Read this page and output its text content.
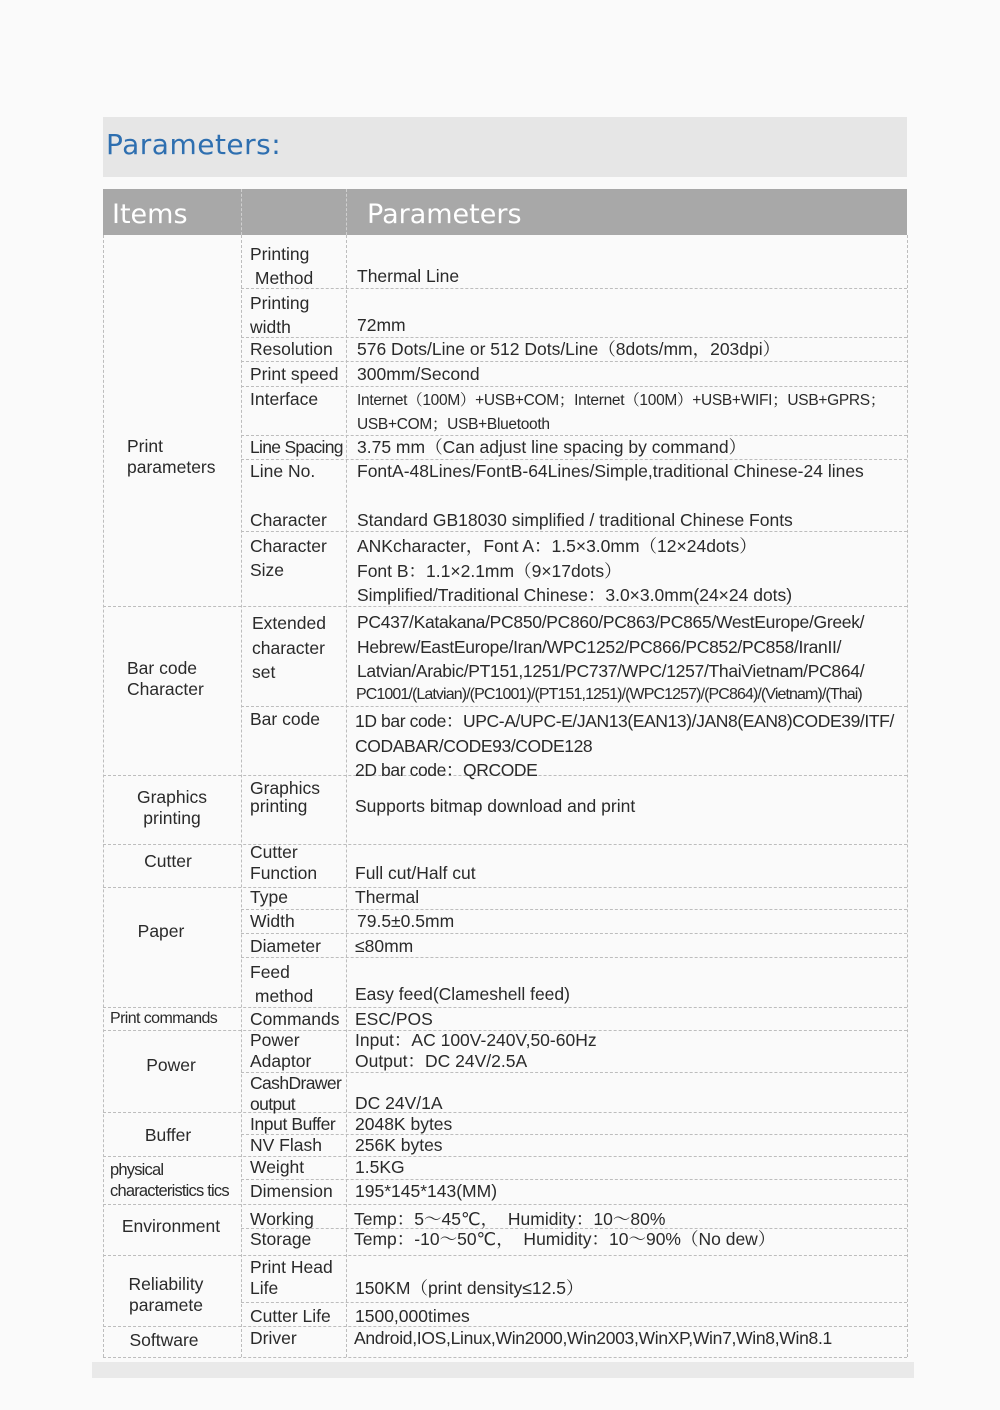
Parameters:
Items	Parameters
Print
parameters
Bar code
Character
Graphics
printing
Cutter
Paper
Print commands
Power
Buffer
physical
characteristics tics
Environment
Reliability
paramete
Software
Printing
Method
Printing
width
Resolution
Print speed
Interface
Line Spacing
Line No.
Character
Character
Size
Extended
character
set
Bar code
Graphics
printing
Cutter
Function
Type
Width
Diameter
Feed
method
Commands
Power
Adaptor
CashDrawer
output
Input Buffer
NV Flash
Weight
Dimension
Working
Storage
Print Head
Life
Cutter Life
Driver
Thermal Line
72mm
576 Dots/Line or 512 Dots/Line（8dots/mm，203dpi）
300mm/Second
Internet（100M）+USB+COM；Internet（100M）+USB+WIFI；USB+GPRS；
USB+COM；USB+Bluetooth
3.75 mm（Can adjust line spacing by command）
FontA-48Lines/FontB-64Lines/Simple,traditional Chinese-24 lines
Standard GB18030 simplified / traditional Chinese Fonts
ANKcharacter，Font A：1.5×3.0mm（12×24dots）
Font B：1.1×2.1mm（9×17dots）
Simplified/Traditional Chinese：3.0×3.0mm(24×24 dots)
PC437/Katakana/PC850/PC860/PC863/PC865/WestEurope/Greek/
Hebrew/EastEurope/Iran/WPC1252/PC866/PC852/PC858/IranII/
Latvian/Arabic/PT151,1251/PC737/WPC/1257/ThaiVietnam/PC864/
PC1001/(Latvian)/(PC1001)/(PT151,1251)/(WPC1257)/(PC864)/(Vietnam)/(Thai)
1D bar code：UPC-A/UPC-E/JAN13(EAN13)/JAN8(EAN8)CODE39/ITF/
CODABAR/CODE93/CODE128
2D bar code：QRCODE
Supports bitmap download and print
Full cut/Half cut
Thermal
79.5±0.5mm
≤80mm
Easy feed(Clameshell feed)
ESC/POS
Input：AC 100V-240V,50-60Hz
Output：DC 24V/2.5A
DC 24V/1A
2048K bytes
256K bytes
1.5KG
195*145*143(MM)
Temp：5～45℃，  Humidity：10～80%
Temp：-10～50℃，  Humidity：10～90%（No dew）
150KM（print density≤12.5）
1500,000times
Android,IOS,Linux,Win2000,Win2003,WinXP,Win7,Win8,Win8.1
